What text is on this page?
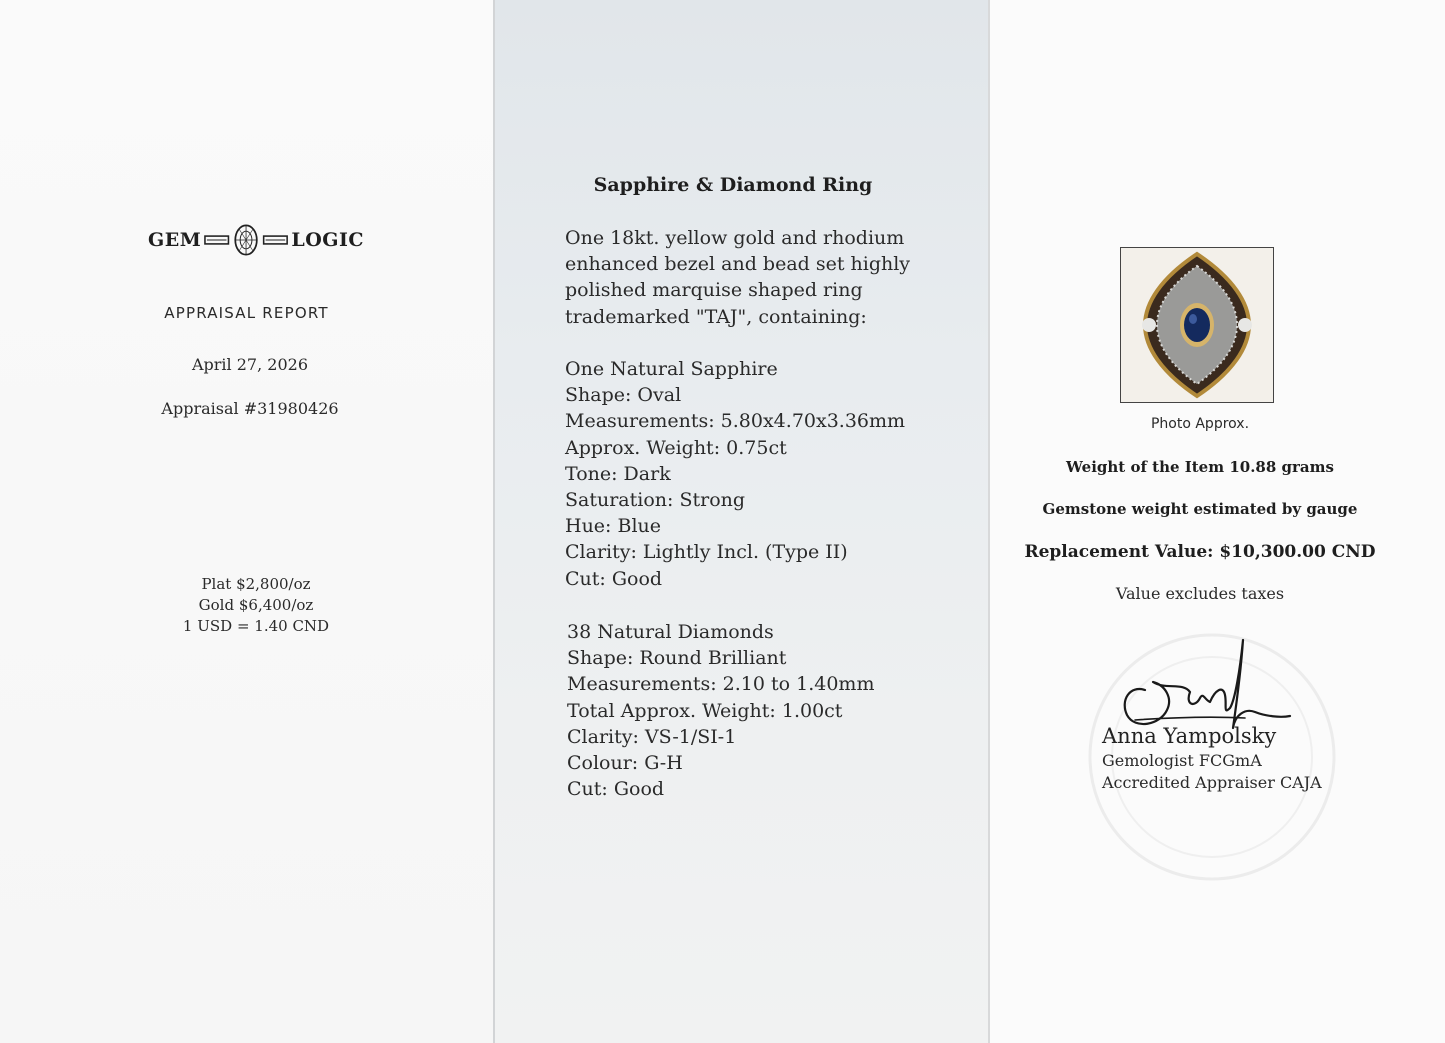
GEM	LOGIC
APPRAISAL REPORT
April 27, 2026
Appraisal #31980426
Plat $2,800/oz
Gold $6,400/oz
1 USD = 1.40 CND
Sapphire & Diamond Ring
One 18kt. yellow gold and rhodium
enhanced bezel and bead set highly
polished marquise shaped ring
trademarked "TAJ", containing:
One Natural Sapphire
Shape: Oval
Measurements: 5.80x4.70x3.36mm
Approx. Weight: 0.75ct
Tone: Dark
Saturation: Strong
Hue: Blue
Clarity: Lightly Incl. (Type II)
Cut: Good
38 Natural Diamonds
Shape: Round Brilliant
Measurements: 2.10 to 1.40mm
Total Approx. Weight: 1.00ct
Clarity: VS-1/SI-1
Colour: G-H
Cut: Good
Photo Approx.
Weight of the Item 10.88 grams
Gemstone weight estimated by gauge
Replacement Value: $10,300.00 CND
Value excludes taxes
Anna Yampolsky
Gemologist FCGmA
Accredited Appraiser CAJA
